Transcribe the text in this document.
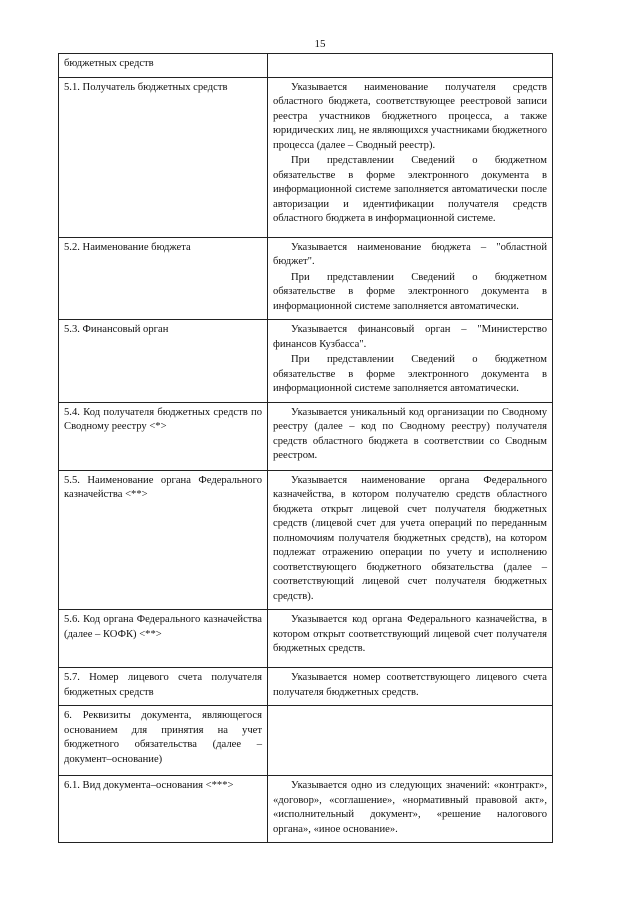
15
бюджетных средств	
5.1. Получатель бюджетных средств	Указывается наименование получателя средств областного бюджета, соответствующее реестровой записи реестра участников бюджетного процесса, а также юридических лиц, не являющихся участниками бюджетного процесса (далее – Сводный реестр).

При представлении Сведений о бюджетном обязательстве в форме электронного документа в информационной системе заполняется автоматически после авторизации и идентификации получателя средств областного бюджета в информационной системе.

5.2. Наименование бюджета	Указывается наименование бюджета – "областной бюджет".

При представлении Сведений о бюджетном обязательстве в форме электронного документа в информационной системе заполняется автоматически.

5.3. Финансовый орган	Указывается финансовый орган – "Министерство финансов Кузбасса".

При представлении Сведений о бюджетном обязательстве в форме электронного документа в информационной системе заполняется автоматически.

5.4. Код получателя бюджетных средств по Сводному реестру <*>	Указывается уникальный код организации по Сводному реестру (далее – код по Сводному реестру) получателя средств областного бюджета в соответствии со Сводным реестром.

5.5. Наименование органа Федерального казначейства <**>	Указывается наименование органа Федерального казначейства, в котором получателю средств областного бюджета открыт лицевой счет получателя бюджетных средств (лицевой счет для учета операций по переданным полномочиям получателя бюджетных средств), на котором подлежат отражению операции по учету и исполнению соответствующего бюджетного обязательства (далее – соответствующий лицевой счет получателя бюджетных средств).

5.6. Код органа Федерального казначейства (далее – КОФК) <**>	Указывается код органа Федерального казначейства, в котором открыт соответствующий лицевой счет получателя бюджетных средств.

5.7. Номер лицевого счета получателя бюджетных средств	Указывается номер соответствующего лицевого счета получателя бюджетных средств.

6. Реквизиты документа, являющегося основанием для принятия на учет бюджетного обязательства (далее – документ–основание)	
6.1. Вид документа–основания <***>	Указывается одно из следующих значений: «контракт», «договор», «соглашение», «нормативный правовой акт», «исполнительный документ», «решение налогового органа», «иное основание».
